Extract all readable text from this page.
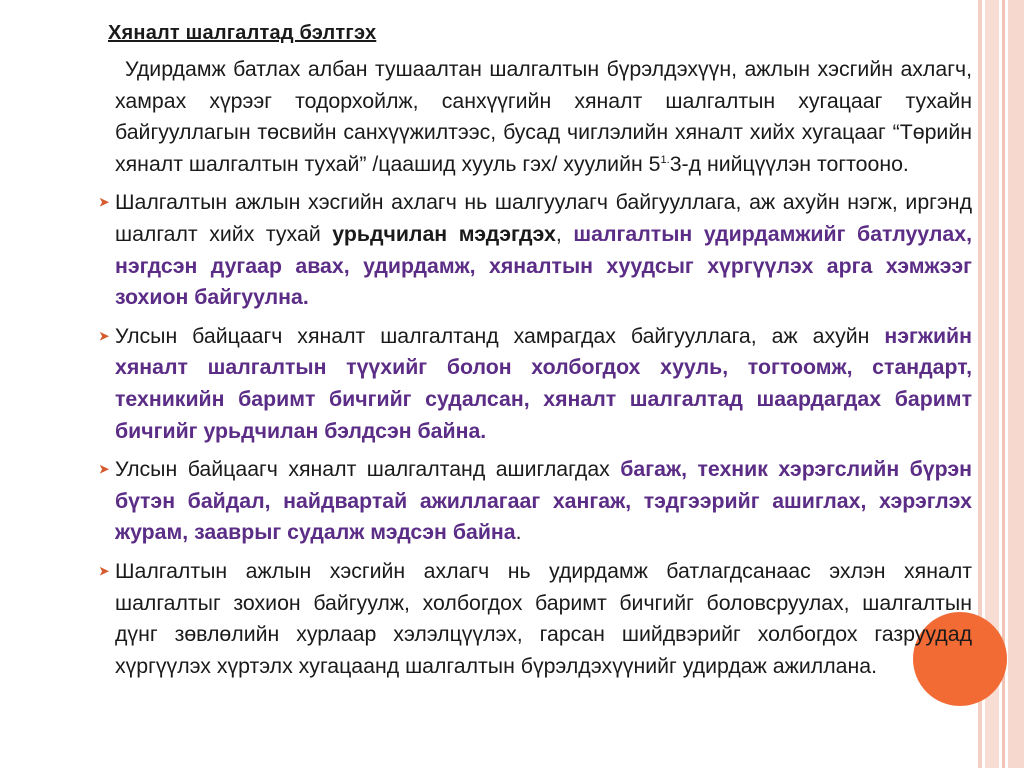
Хяналт шалгалтад бэлтгэх
Удирдамж батлах албан тушаалтан шалгалтын бүрэлдэхүүн, ажлын хэсгийн ахлагч, хамрах хүрээг тодорхойлж, санхүүгийн хяналт шалгалтын хугацааг тухайн байгууллагын төсвийн санхүүжилтээс, бусад чиглэлийн хяналт хийх хугацааг “Төрийн хяналт шалгалтын тухай” /цаашид хууль гэх/ хуулийн $5^{1.}3-д$ нийцүүлэн тогтооно.
➤ Шалгалтын ажлын хэсгийн ахлагч нь шалгуулагч байгууллага, аж ахуйн нэгж, иргэнд шалгалт хийх тухай урьдчилан мэдэгдэх, шалгалтын удирдамжийг батлуулах, нэгдсэн дугаар авах, удирдамж, хяналтын хуудсыг хүргүүлэх арга хэмжээг зохион байгуулна.
➤ Улсын байцаагч хяналт шалгалтанд хамрагдах байгууллага, аж ахуйн нэгжийн хяналт шалгалтын түүхийг болон холбогдох хууль, тогтоомж, стандарт, техникийн баримт бичгийг судалсан, хяналт шалгалтад шаардагдах баримт бичгийг урьдчилан бэлдсэн байна.
➤ Улсын байцаагч хяналт шалгалтанд ашиглагдах багаж, техник хэрэгслийн бүрэн бүтэн байдал, найдвартай ажиллагааг хангаж, тэдгээрийг ашиглах, хэрэглэх журам, зааврыг судалж мэдсэн байна.
➤ Шалгалтын ажлын хэсгийн ахлагч нь удирдамж батлагдсанаас эхлэн хяналт шалгалтыг зохион байгуулж, холбогдох баримт бичгийг боловсруулах, шалгалтын дүнг зөвлөлийн хурлаар хэлэлцүүлэх, гарсан шийдвэрийг холбогдох газруудад хүргүүлэх хүртэлх хугацаанд шалгалтын бүрэлдэхүүнийг удирдаж ажиллана.
